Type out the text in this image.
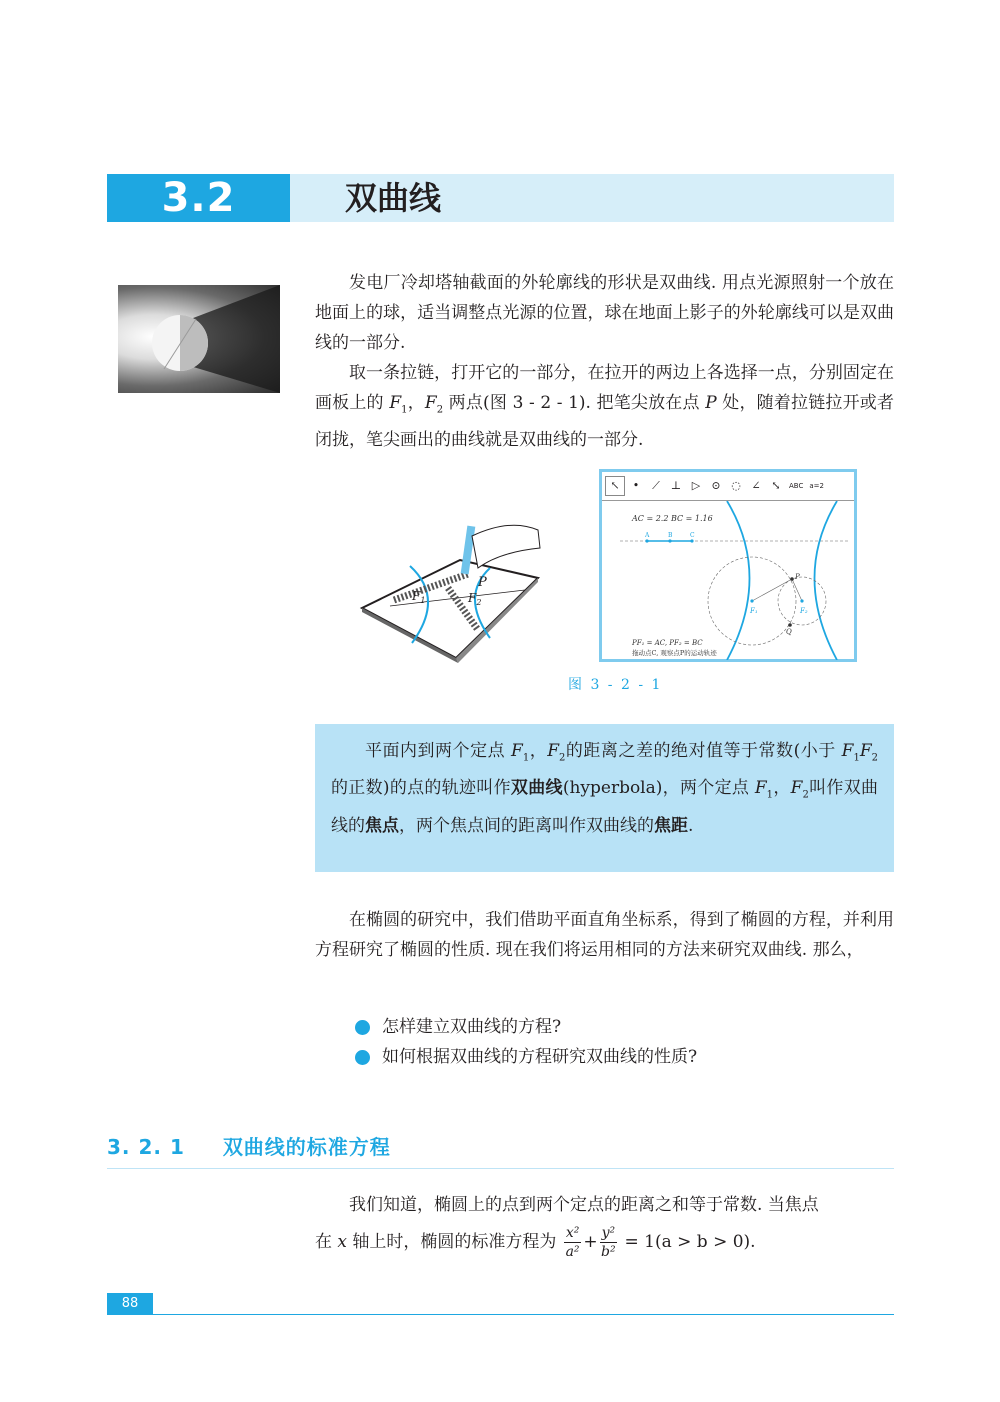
3.2	双曲线

发电厂冷却塔轴截面的外轮廓线的形状是双曲线. 用点光源照射一个放在地面上的球，适当调整点光源的位置，球在地面上影子的外轮廓线可以是双曲线的一部分.

取一条拉链，打开它的一部分，在拉开的两边上各选择一点，分别固定在画板上的 $F_1$，$F_2$ 两点(图 3 - 2 - 1). 把笔尖放在点 P 处，随着拉链拉开或者闭拢，笔尖画出的曲线就是双曲线的一部分.

P
$F_1$	$F_2$
↖	•	⟋ ⊥ ▷	⊙ ◌ ∠ ⤡	ABC a=2
AC = 2.2 BC = 1.16
A	B	C
P
F₁	F₂
Q
PF₁ = AC, PF₂ = BC
拖动点C, 观察点P的运动轨迹
图 3 - 2 - 1

平面内到两个定点 $F_1$，$F_2$的距离之差的绝对值等于常数(小于 $F_1F_2$的正数)的点的轨迹叫作双曲线(hyperbola)，两个定点 $F_1$，$F_2$叫作双曲线的焦点，两个焦点间的距离叫作双曲线的焦距.

在椭圆的研究中，我们借助平面直角坐标系，得到了椭圆的方程，并利用方程研究了椭圆的性质. 现在我们将运用相同的方法来研究双曲线. 那么，

怎样建立双曲线的方程?
如何根据双曲线的方程研究双曲线的性质?
3. 2. 1 双曲线的标准方程

我们知道，椭圆上的点到两个定点的距离之和等于常数. 当焦点

在 x 轴上时，椭圆的标准方程为 $\frac{\text{x²}}{\text{a²}} + \frac{\text{y²}}{\text{b²}} = 1(a > b > 0)$.

88
